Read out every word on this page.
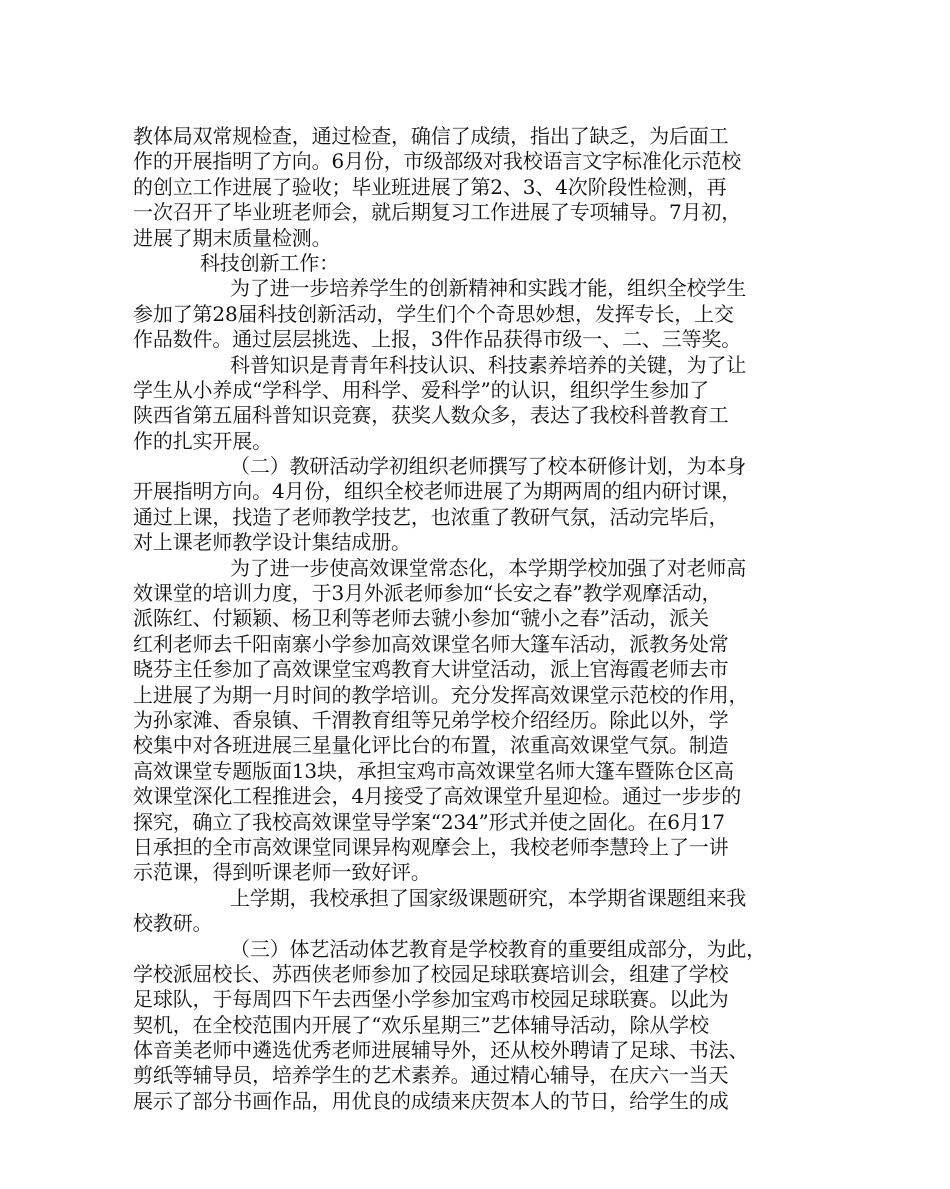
教体局双常规检查，通过检查，确信了成绩，指出了缺乏，为后面工
作的开展指明了方向。6月份，市级部级对我校语言文字标准化示范校
的创立工作进展了验收；毕业班进展了第2、3、4次阶段性检测，再
一次召开了毕业班老师会，就后期复习工作进展了专项辅导。7月初，
进展了期末质量检测。
科技创新工作：
为了进一步培养学生的创新精神和实践才能，组织全校学生
参加了第28届科技创新活动，学生们个个奇思妙想，发挥专长，上交
作品数件。通过层层挑选、上报，3件作品获得市级一、二、三等奖。
科普知识是青青年科技认识、科技素养培养的关键，为了让
学生从小养成“学科学、用科学、爱科学”的认识，组织学生参加了
陕西省第五届科普知识竞赛，获奖人数众多，表达了我校科普教育工
作的扎实开展。
（二）教研活动学初组织老师撰写了校本研修计划，为本身
开展指明方向。4月份，组织全校老师进展了为期两周的组内研讨课，
通过上课，找造了老师教学技艺，也浓重了教研气氛，活动完毕后，
对上课老师教学设计集结成册。
为了进一步使高效课堂常态化，本学期学校加强了对老师高
效课堂的培训力度，于3月外派老师参加“长安之春”教学观摩活动，
派陈红、付颖颖、杨卫利等老师去虢小参加“虢小之春”活动，派关
红利老师去千阳南寨小学参加高效课堂名师大篷车活动，派教务处常
晓芬主任参加了高效课堂宝鸡教育大讲堂活动，派上官海霞老师去市
上进展了为期一月时间的教学培训。充分发挥高效课堂示范校的作用，
为孙家滩、香泉镇、千渭教育组等兄弟学校介绍经历。除此以外，学
校集中对各班进展三星量化评比台的布置，浓重高效课堂气氛。制造
高效课堂专题版面13块，承担宝鸡市高效课堂名师大篷车暨陈仓区高
效课堂深化工程推进会，4月接受了高效课堂升星迎检。通过一步步的
探究，确立了我校高效课堂导学案“234”形式并使之固化。在6月17
日承担的全市高效课堂同课异构观摩会上，我校老师李慧玲上了一讲
示范课，得到听课老师一致好评。
上学期，我校承担了国家级课题研究，本学期省课题组来我
校教研。
（三）体艺活动体艺教育是学校教育的重要组成部分，为此，
学校派屈校长、苏西侠老师参加了校园足球联赛培训会，组建了学校
足球队，于每周四下午去西堡小学参加宝鸡市校园足球联赛。以此为
契机，在全校范围内开展了“欢乐星期三”艺体辅导活动，除从学校
体音美老师中遴选优秀老师进展辅导外，还从校外聘请了足球、书法、
剪纸等辅导员，培养学生的艺术素养。通过精心辅导，在庆六一当天
展示了部分书画作品，用优良的成绩来庆贺本人的节日，给学生的成
